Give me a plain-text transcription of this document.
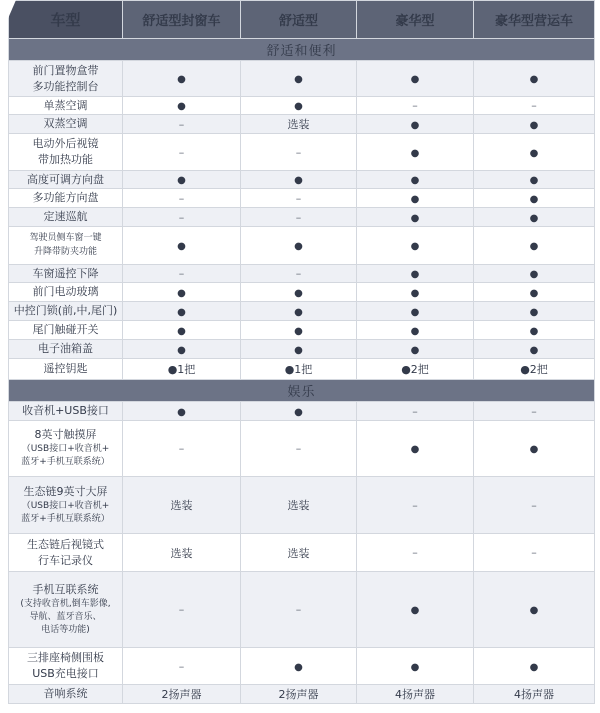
车型	舒适型封窗车	舒适型	豪华型	豪华型营运车
舒适和便利				

前门置物盒带
多功能控制台	●	●	●	●

单蒸空调	●	●	–	–

双蒸空调	–	选装	●	●

电动外后视镜
带加热功能	–	–	●	●

高度可调方向盘	●	●	●	●

多功能方向盘	–	–	●	●

定速巡航	–	–	●	●

驾驶员侧车窗一键
升降带防夹功能	●	●	●	●

车窗遥控下降	–	–	●	●

前门电动玻璃	●	●	●	●

中控门锁(前,中,尾门)	●	●	●	●

尾门触碰开关	●	●	●	●

电子油箱盖	●	●	●	●

遥控钥匙	●1把	●1把	●2把	●2把
娱乐				

收音机+USB接口	●	●	–	–

8英寸触摸屏
（USB接口+收音机+
蓝牙+手机互联系统）	–	–	●	●

生态链9英寸大屏
（USB接口+收音机+
蓝牙+手机互联系统）	选装	选装	–	–

生态链后视镜式
行车记录仪	选装	选装	–	–

手机互联系统
(支持收音机,倒车影像,
导航、蓝牙音乐、
电话等功能)	–	–	●	●

三排座椅侧围板
USB充电接口	–	●	●	●

音响系统	2扬声器	2扬声器	4扬声器	4扬声器
